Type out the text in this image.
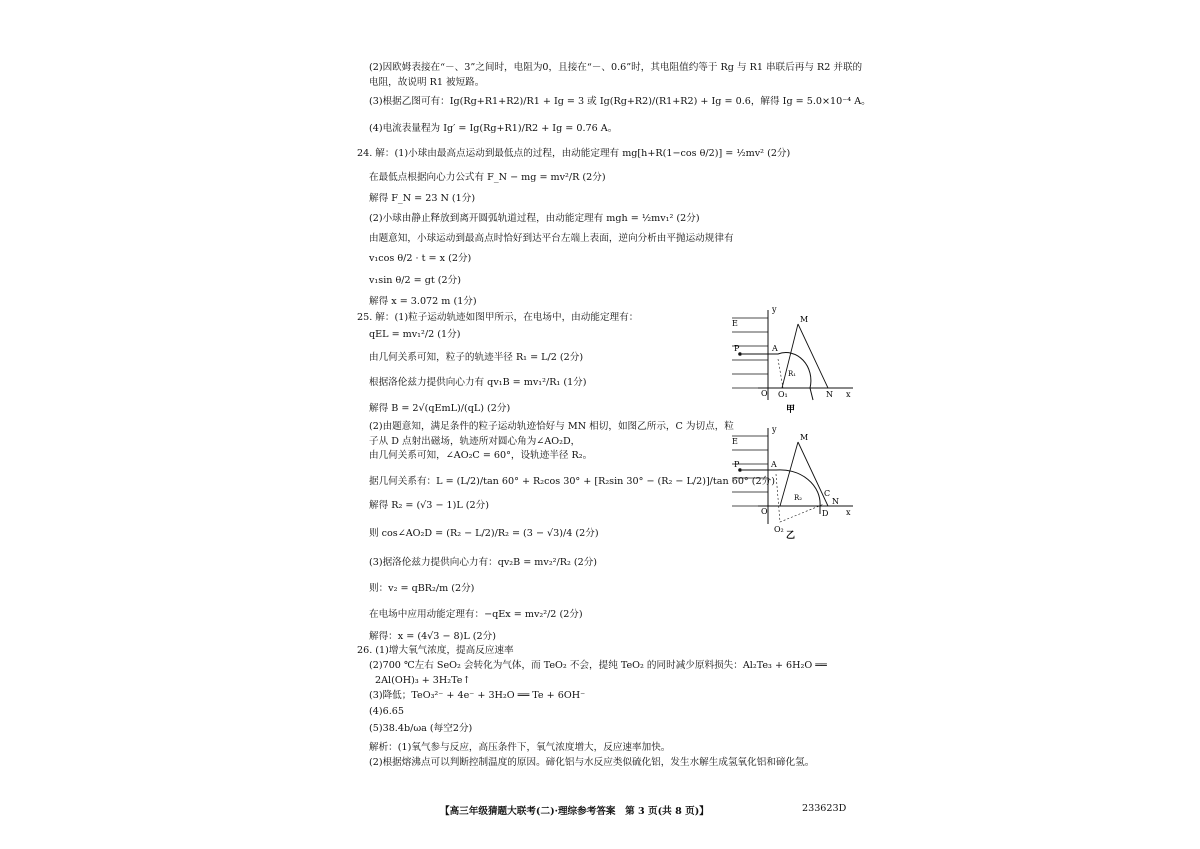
(2)因欧姆表接在“－、3”之间时，电阻为0，且接在“－、0.6”时，其电阻值约等于 Rg 与 R1 串联后再与 R2 并联的
电阻，故说明 R1 被短路。
(3)根据乙图可有：Ig(Rg+R1+R2)/R1 + Ig = 3 或 Ig(Rg+R2)/(R1+R2) + Ig = 0.6，解得 Ig = 5.0×10⁻⁴ A。
(4)电流表量程为 Ig′ = Ig(Rg+R1)/R2 + Ig = 0.76 A。
24. 解：(1)小球由最高点运动到最低点的过程，由动能定理有 mg[h+R(1−cos θ/2)] = ½mv² (2分)
在最低点根据向心力公式有 F_N − mg = mv²/R (2分)
解得 F_N = 23 N (1分)
(2)小球由静止释放到离开圆弧轨道过程，由动能定理有 mgh = ½mv₁² (2分)
由题意知，小球运动到最高点时恰好到达平台左端上表面，逆向分析由平抛运动规律有
v₁cos θ/2 · t = x (2分)
v₁sin θ/2 = gt (2分)
解得 x = 3.072 m (1分)
25. 解：(1)粒子运动轨迹如图甲所示，在电场中，由动能定理有：
qEL = mv₁²/2 (1分)
由几何关系可知，粒子的轨迹半径 R₁ = L/2 (2分)
根据洛伦兹力提供向心力有 qv₁B = mv₁²/R₁ (1分)
解得 B = 2√(qEmL)/(qL) (2分)
(2)由题意知，满足条件的粒子运动轨迹恰好与 MN 相切，如图乙所示，C 为切点，粒
子从 D 点射出磁场，轨迹所对圆心角为∠AO₂D，
由几何关系可知，∠AO₂C = 60°，设轨迹半径 R₂。
据几何关系有：L = (L/2)/tan 60° + R₂cos 30° + [R₂sin 30° − (R₂ − L/2)]/tan 60° (2分)
解得 R₂ = (√3 − 1)L (2分)
则 cos∠AO₂D = (R₂ − L/2)/R₂ = (3 − √3)/4 (2分)
(3)据洛伦兹力提供向心力有：qv₂B = mv₂²/R₂ (2分)
则：v₂ = qBR₂/m (2分)
在电场中应用动能定理有：−qEx = mv₂²/2 (2分)
解得：x = (4√3 − 8)L (2分)
26. (1)增大氧气浓度，提高反应速率
(2)700 ℃左右 SeO₂ 会转化为气体，而 TeO₂ 不会，提纯 TeO₂ 的同时减少原料损失：Al₂Te₃ + 6H₂O ══
2Al(OH)₃ + 3H₂Te↑
(3)降低；TeO₃²⁻ + 4e⁻ + 3H₂O ══ Te + 6OH⁻
(4)6.65
(5)38.4b/ωa (每空2分)
解析：(1)氧气参与反应，高压条件下，氧气浓度增大，反应速率加快。
(2)根据熔沸点可以判断控制温度的原因。碲化铝与水反应类似硫化铝，发生水解生成氢氧化铝和碲化氢。
E
P
M
A
O O₁
R₁
N x
y
甲
E
P
M
A
O
O₂
R₂	C
D
N
x
y
乙
【高三年级猜题大联考(二)·理综参考答案　第 3 页(共 8 页)】	233623D
